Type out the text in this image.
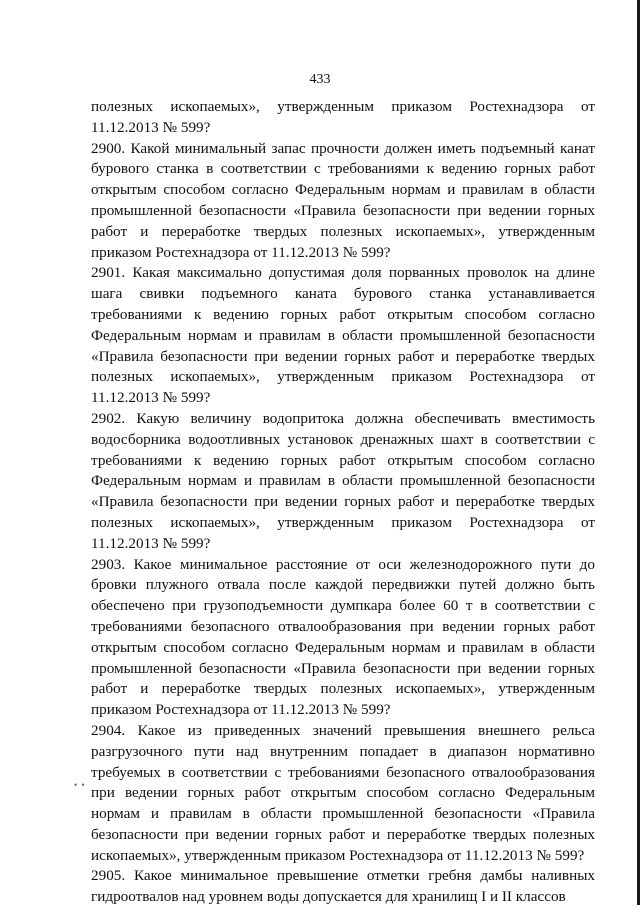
433

полезных ископаемых», утвержденным приказом Ростехнадзора от 11.12.2013 № 599?

2900. Какой минимальный запас прочности должен иметь подъемный канат бурового станка в соответствии с требованиями к ведению горных работ открытым способом согласно Федеральным нормам и правилам в области промышленной безопасности «Правила безопасности при ведении горных работ и переработке твердых полезных ископаемых», утвержденным приказом Ростехнадзора от 11.12.2013 № 599?

2901. Какая максимально допустимая доля порванных проволок на длине шага свивки подъемного каната бурового станка устанавливается требованиями к ведению горных работ открытым способом согласно Федеральным нормам и правилам в области промышленной безопасности «Правила безопасности при ведении горных работ и переработке твердых полезных ископаемых», утвержденным приказом Ростехнадзора от 11.12.2013 № 599?

2902. Какую величину водопритока должна обеспечивать вместимость водосборника водоотливных установок дренажных шахт в соответствии с требованиями к ведению горных работ открытым способом согласно Федеральным нормам и правилам в области промышленной безопасности «Правила безопасности при ведении горных работ и переработке твердых полезных ископаемых», утвержденным приказом Ростехнадзора от 11.12.2013 № 599?

2903. Какое минимальное расстояние от оси железнодорожного пути до бровки плужного отвала после каждой передвижки путей должно быть обеспечено при грузоподъемности думпкара более 60 т в соответствии с требованиями безопасного отвалообразования при ведении горных работ открытым способом согласно Федеральным нормам и правилам в области промышленной безопасности «Правила безопасности при ведении горных работ и переработке твердых полезных ископаемых», утвержденным приказом Ростехнадзора от 11.12.2013 № 599?

2904. Какое из приведенных значений превышения внешнего рельса разгрузочного пути над внутренним попадает в диапазон нормативно требуемых в соответствии с требованиями безопасного отвалообразования при ведении горных работ открытым способом согласно Федеральным нормам и правилам в области промышленной безопасности «Правила безопасности при ведении горных работ и переработке твердых полезных ископаемых», утвержденным приказом Ростехнадзора от 11.12.2013 № 599?

2905. Какое минимальное превышение отметки гребня дамбы наливных гидроотвалов над уровнем воды допускается для хранилищ I и II классов

• •
